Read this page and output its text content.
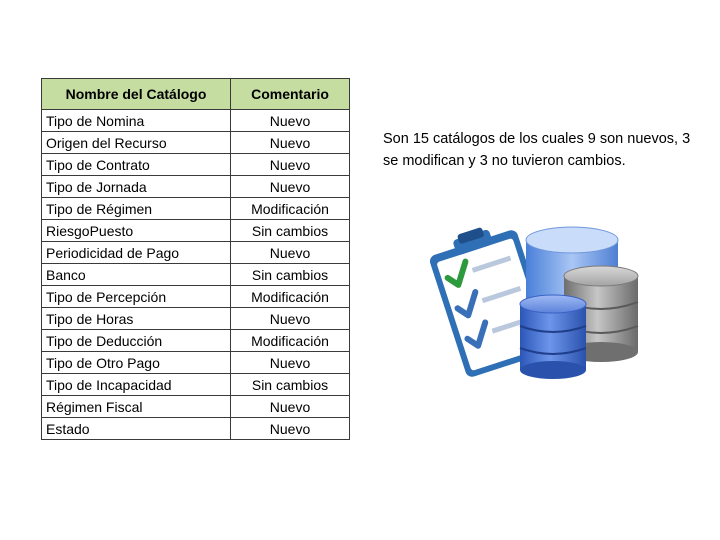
Nombre del Catálogo	Comentario
Tipo de Nomina	Nuevo
Origen del Recurso	Nuevo
Tipo de Contrato	Nuevo
Tipo de Jornada	Nuevo
Tipo de Régimen	Modificación
RiesgoPuesto	Sin cambios
Periodicidad de Pago	Nuevo
Banco	Sin cambios
Tipo de Percepción	Modificación
Tipo de Horas	Nuevo
Tipo de Deducción	Modificación
Tipo de Otro Pago	Nuevo
Tipo de Incapacidad	Sin cambios
Régimen Fiscal	Nuevo
Estado	Nuevo

Son 15 catálogos de los cuales 9 son nuevos, 3 se modifican y 3 no tuvieron cambios.
